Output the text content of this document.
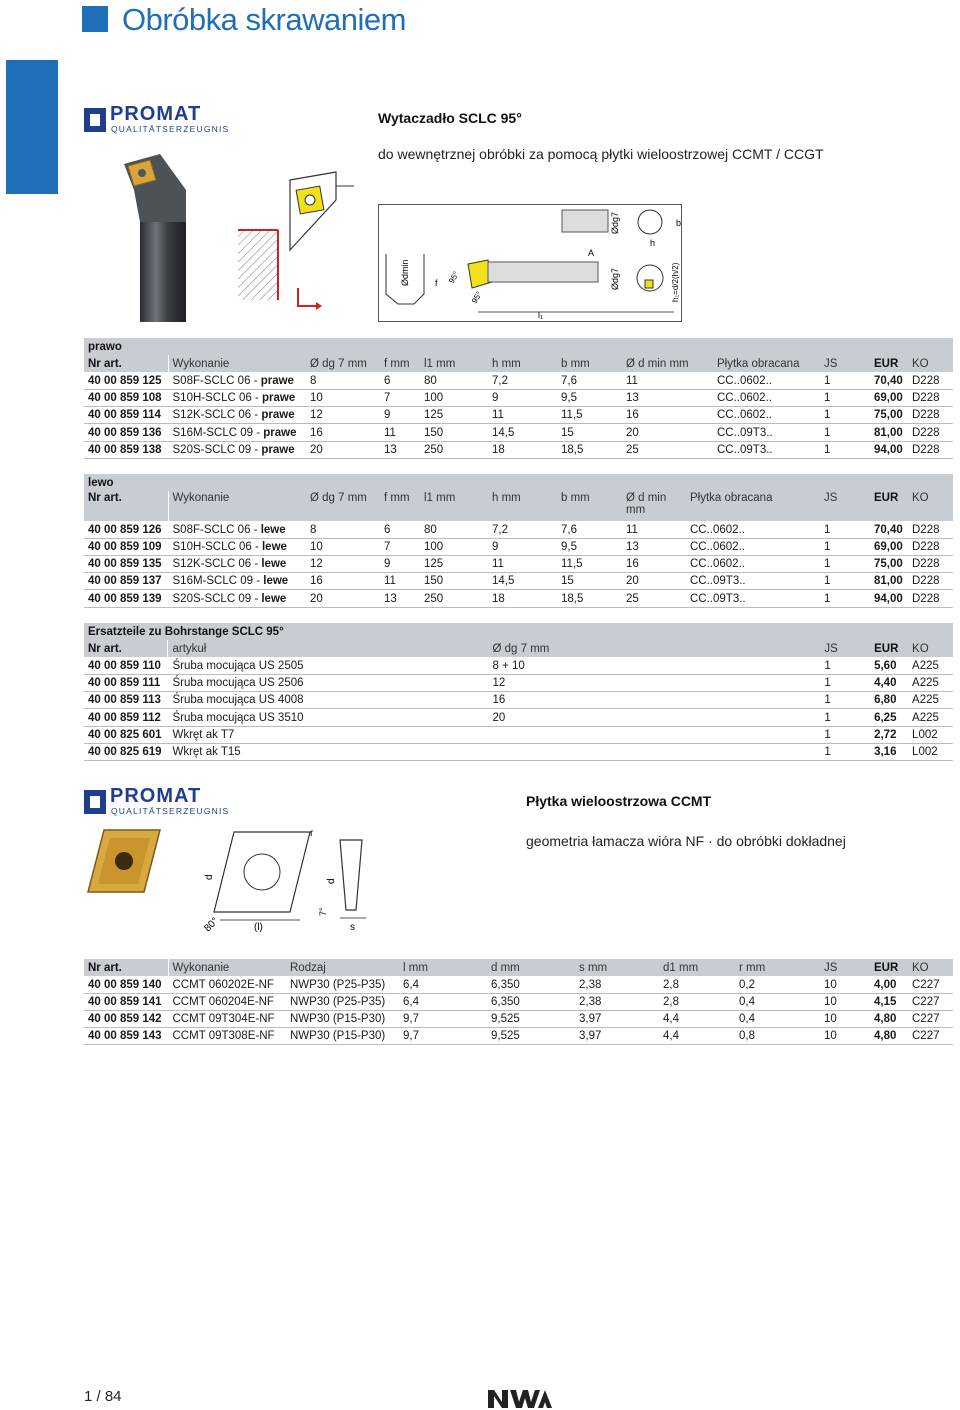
Obróbka skrawaniem
PROMAT
QUALITÄTSERZEUGNIS
Wytaczadło SCLC 95°
do wewnętrznej obróbki za pomocą płytki wieloostrzowej CCMT / CCGT
Ødmin	f 95°
95°
l₁
A
Ødg7
Ødg7
h
b
h₁=d/2(h/2)
prawo											
Nr art.	Wykonanie	Ø dg 7 mm	f mm	l1 mm	h mm	b mm	Ø d min mm	Płytka obracana	JS	EUR	KO
40 00 859 125	S08F-SCLC 06 - prawe	8	6	80	7,2	7,6	11	CC..0602..	1	70,40	D228
40 00 859 108	S10H-SCLC 06 - prawe	10	7	100	9	9,5	13	CC..0602..	1	69,00	D228
40 00 859 114	S12K-SCLC 06 - prawe	12	9	125	11	11,5	16	CC..0602..	1	75,00	D228
40 00 859 136	S16M-SCLC 09 - prawe	16	11	150	14,5	15	20	CC..09T3..	1	81,00	D228
40 00 859 138	S20S-SCLC 09 - prawe	20	13	250	18	18,5	25	CC..09T3..	1	94,00	D228
lewo											
Nr art.	Wykonanie	Ø dg 7 mm	f mm	l1 mm	h mm	b mm	Ø d min
mm	Płytka obracana	JS	EUR	KO
40 00 859 126	S08F-SCLC 06 - lewe	8	6	80	7,2	7,6	11	CC..0602..	1	70,40	D228
40 00 859 109	S10H-SCLC 06 - lewe	10	7	100	9	9,5	13	CC..0602..	1	69,00	D228
40 00 859 135	S12K-SCLC 06 - lewe	12	9	125	11	11,5	16	CC..0602..	1	75,00	D228
40 00 859 137	S16M-SCLC 09 - lewe	16	11	150	14,5	15	20	CC..09T3..	1	81,00	D228
40 00 859 139	S20S-SCLC 09 - lewe	20	13	250	18	18,5	25	CC..09T3..	1	94,00	D228
Ersatzteile zu Bohrstange SCLC 95°					
Nr art.	artykuł	Ø dg 7 mm	JS	EUR	KO
40 00 859 110	Śruba mocująca US 2505	8 + 10	1	5,60	A225
40 00 859 111	Śruba mocująca US 2506	12	1	4,40	A225
40 00 859 113	Śruba mocująca US 4008	16	1	6,80	A225
40 00 859 112	Śruba mocująca US 3510	20	1	6,25	A225
40 00 825 601	Wkręt ak T7		1	2,72	L002
40 00 825 619	Wkręt ak T15		1	3,16	L002
PROMAT
QUALITÄTSERZEUGNIS
Płytka wieloostrzowa CCMT
geometria łamacza wióra NF · do obróbki dokładnej
d
80°	(l)
d
7°
r
s
Nr art.	Wykonanie	Rodzaj	l mm	d mm	s mm	d1 mm	r mm	JS	EUR	KO
40 00 859 140	CCMT 060202E-NF	NWP30 (P25-P35)	6,4	6,350	2,38	2,8	0,2	10	4,00	C227
40 00 859 141	CCMT 060204E-NF	NWP30 (P25-P35)	6,4	6,350	2,38	2,8	0,4	10	4,15	C227
40 00 859 142	CCMT 09T304E-NF	NWP30 (P15-P30)	9,7	9,525	3,97	4,4	0,4	10	4,80	C227
40 00 859 143	CCMT 09T308E-NF	NWP30 (P15-P30)	9,7	9,525	3,97	4,4	0,8	10	4,80	C227
1 / 84
